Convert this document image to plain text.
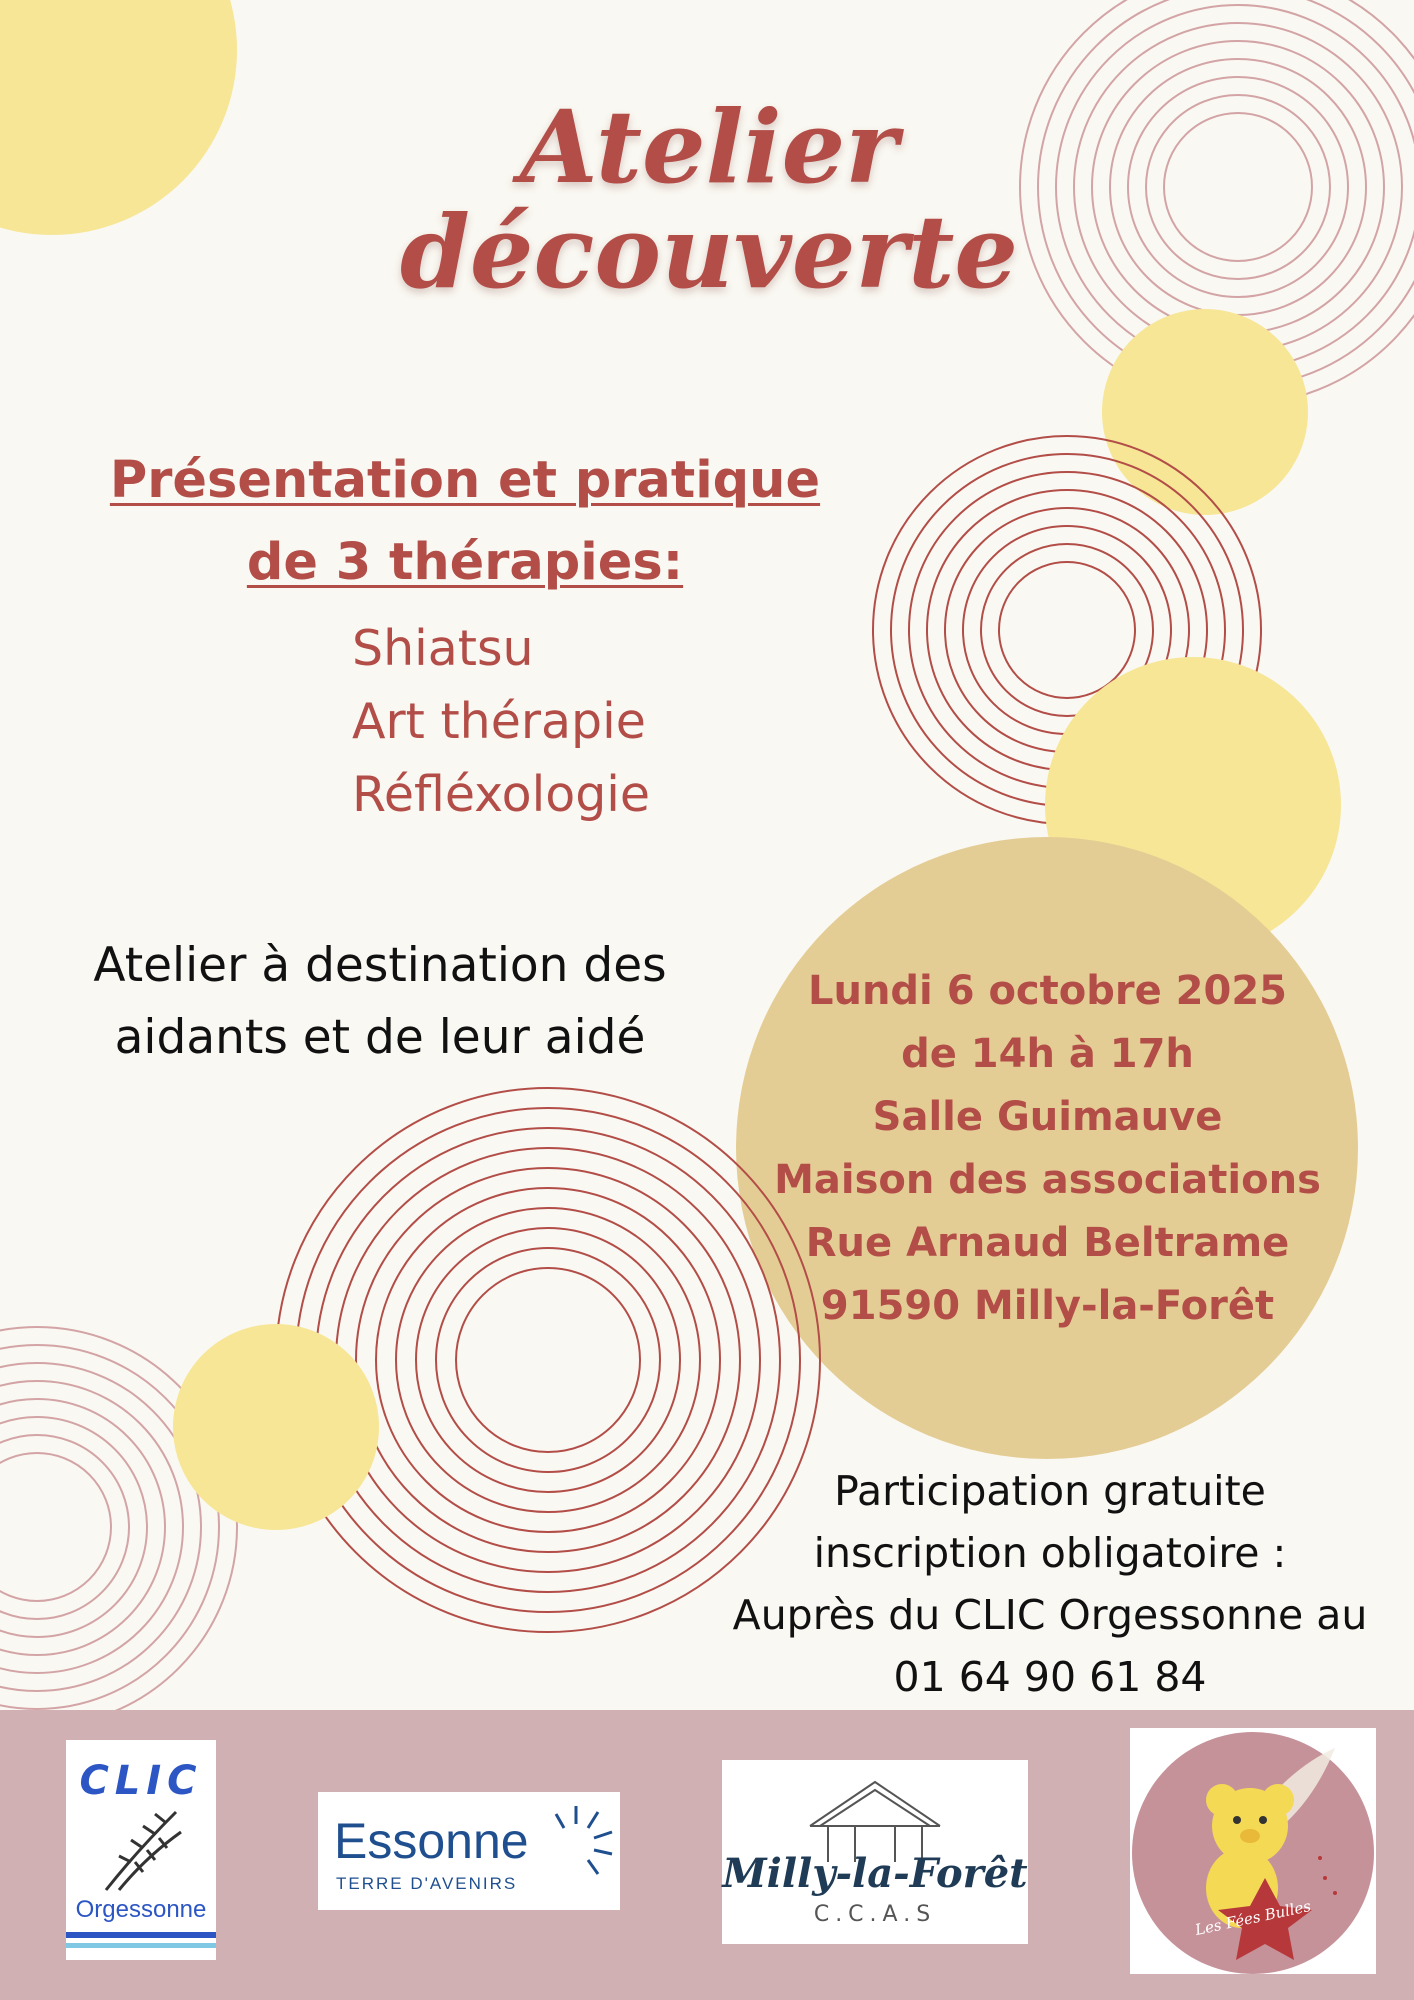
Atelier
découverte
Présentation et pratique
de 3 thérapies:
Shiatsu
Art thérapie
Réfléxologie
Atelier à destination des
aidants et de leur aidé
Lundi 6 octobre 2025
de 14h à 17h
Salle Guimauve
Maison des associations
Rue Arnaud Beltrame
91590 Milly-la-Forêt
Participation gratuite
inscription obligatoire :
Auprès du CLIC Orgessonne au
01 64 90 61 84
CLIC
Orgessonne
Essonne
TERRE D'AVENIRS	Milly-la-Forêt
C.C.A.S	Les Fées Bulles
